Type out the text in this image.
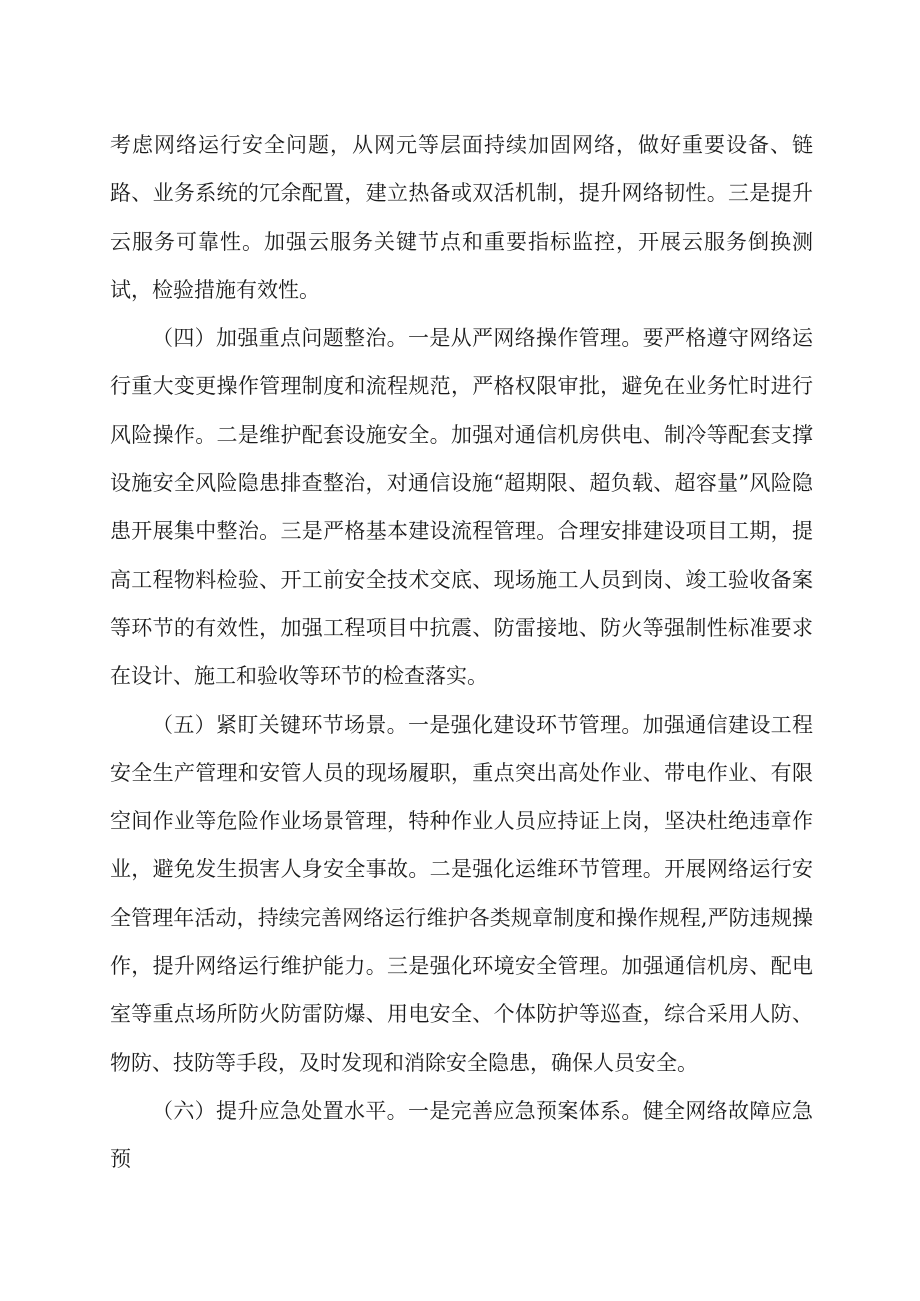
考虑网络运行安全问题，从网元等层面持续加固网络，做好重要设备、链路、业务系统的冗余配置，建立热备或双活机制，提升网络韧性。三是提升云服务可靠性。加强云服务关键节点和重要指标监控，开展云服务倒换测试，检验措施有效性。

（四）加强重点问题整治。一是从严网络操作管理。要严格遵守网络运行重大变更操作管理制度和流程规范，严格权限审批，避免在业务忙时进行风险操作。二是维护配套设施安全。加强对通信机房供电、制冷等配套支撑设施安全风险隐患排查整治，对通信设施“超期限、超负载、超容量”风险隐患开展集中整治。三是严格基本建设流程管理。合理安排建设项目工期，提高工程物料检验、开工前安全技术交底、现场施工人员到岗、竣工验收备案等环节的有效性，加强工程项目中抗震、防雷接地、防火等强制性标准要求在设计、施工和验收等环节的检查落实。

（五）紧盯关键环节场景。一是强化建设环节管理。加强通信建设工程安全生产管理和安管人员的现场履职，重点突出高处作业、带电作业、有限空间作业等危险作业场景管理，特种作业人员应持证上岗，坚决杜绝违章作业，避免发生损害人身安全事故。二是强化运维环节管理。开展网络运行安全管理年活动，持续完善网络运行维护各类规章制度和操作规程,严防违规操作，提升网络运行维护能力。三是强化环境安全管理。加强通信机房、配电室等重点场所防火防雷防爆、用电安全、个体防护等巡查，综合采用人防、物防、技防等手段，及时发现和消除安全隐患，确保人员安全。

（六）提升应急处置水平。一是完善应急预案体系。健全网络故障应急预
